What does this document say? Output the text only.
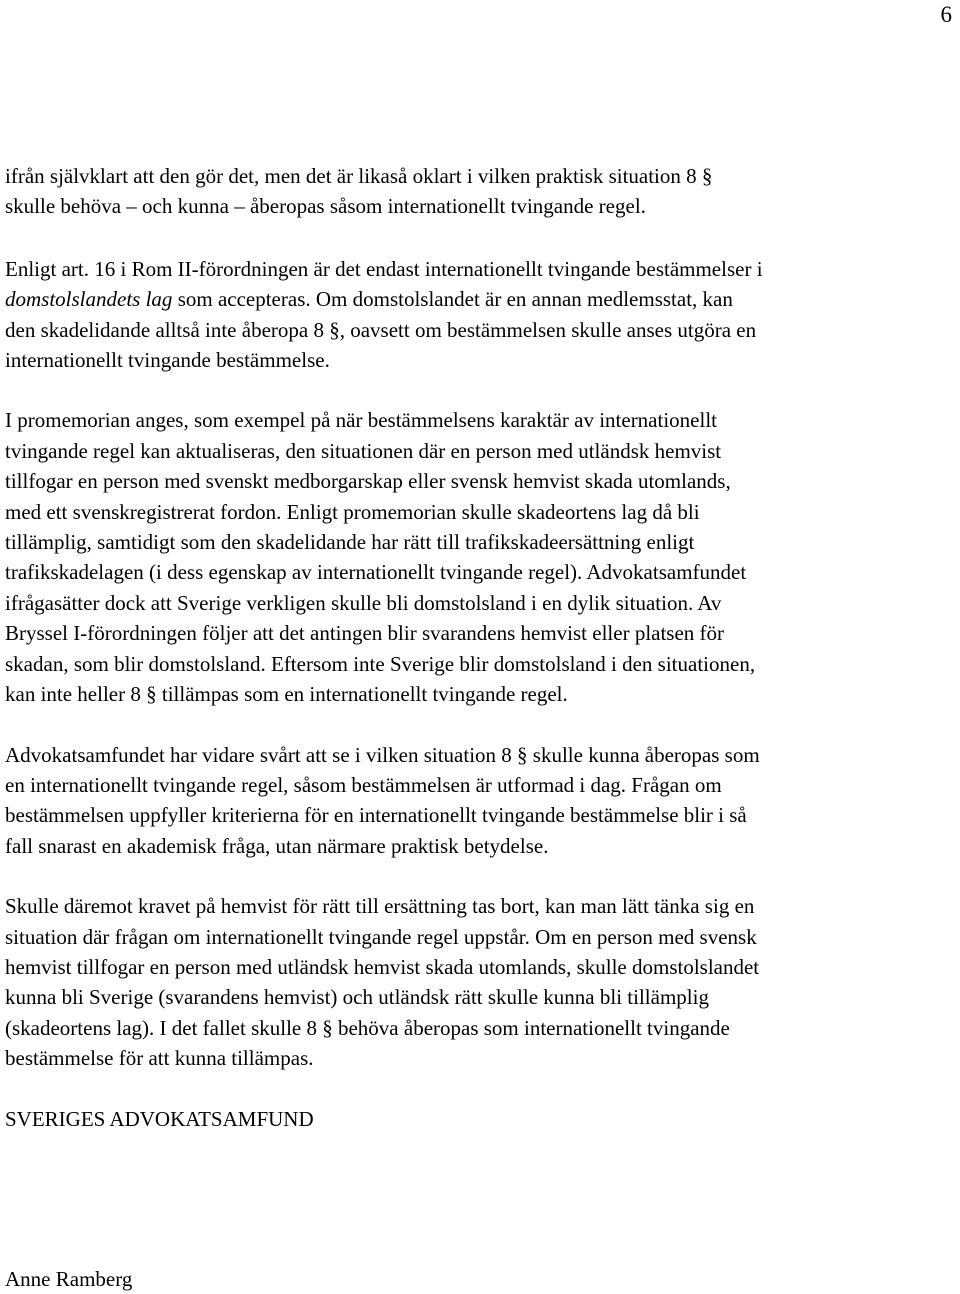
6

ifrån självklart att den gör det, men det är likaså oklart i vilken praktisk situation 8 §
skulle behöva – och kunna – åberopas såsom internationellt tvingande regel.

Enligt art. 16 i Rom II-förordningen är det endast internationellt tvingande bestämmelser i
domstolslandets lag som accepteras. Om domstolslandet är en annan medlemsstat, kan
den skadelidande alltså inte åberopa 8 §, oavsett om bestämmelsen skulle anses utgöra en
internationellt tvingande bestämmelse.

I promemorian anges, som exempel på när bestämmelsens karaktär av internationellt
tvingande regel kan aktualiseras, den situationen där en person med utländsk hemvist
tillfogar en person med svenskt medborgarskap eller svensk hemvist skada utomlands,
med ett svenskregistrerat fordon. Enligt promemorian skulle skadeortens lag då bli
tillämplig, samtidigt som den skadelidande har rätt till trafikskadeersättning enligt
trafikskadelagen (i dess egenskap av internationellt tvingande regel). Advokatsamfundet
ifrågasätter dock att Sverige verkligen skulle bli domstolsland i en dylik situation. Av
Bryssel I-förordningen följer att det antingen blir svarandens hemvist eller platsen för
skadan, som blir domstolsland. Eftersom inte Sverige blir domstolsland i den situationen,
kan inte heller 8 § tillämpas som en internationellt tvingande regel.

Advokatsamfundet har vidare svårt att se i vilken situation 8 § skulle kunna åberopas som
en internationellt tvingande regel, såsom bestämmelsen är utformad i dag. Frågan om
bestämmelsen uppfyller kriterierna för en internationellt tvingande bestämmelse blir i så
fall snarast en akademisk fråga, utan närmare praktisk betydelse.

Skulle däremot kravet på hemvist för rätt till ersättning tas bort, kan man lätt tänka sig en
situation där frågan om internationellt tvingande regel uppstår. Om en person med svensk
hemvist tillfogar en person med utländsk hemvist skada utomlands, skulle domstolslandet
kunna bli Sverige (svarandens hemvist) och utländsk rätt skulle kunna bli tillämplig
(skadeortens lag). I det fallet skulle 8 § behöva åberopas som internationellt tvingande
bestämmelse för att kunna tillämpas.

SVERIGES ADVOKATSAMFUND

Anne Ramberg
